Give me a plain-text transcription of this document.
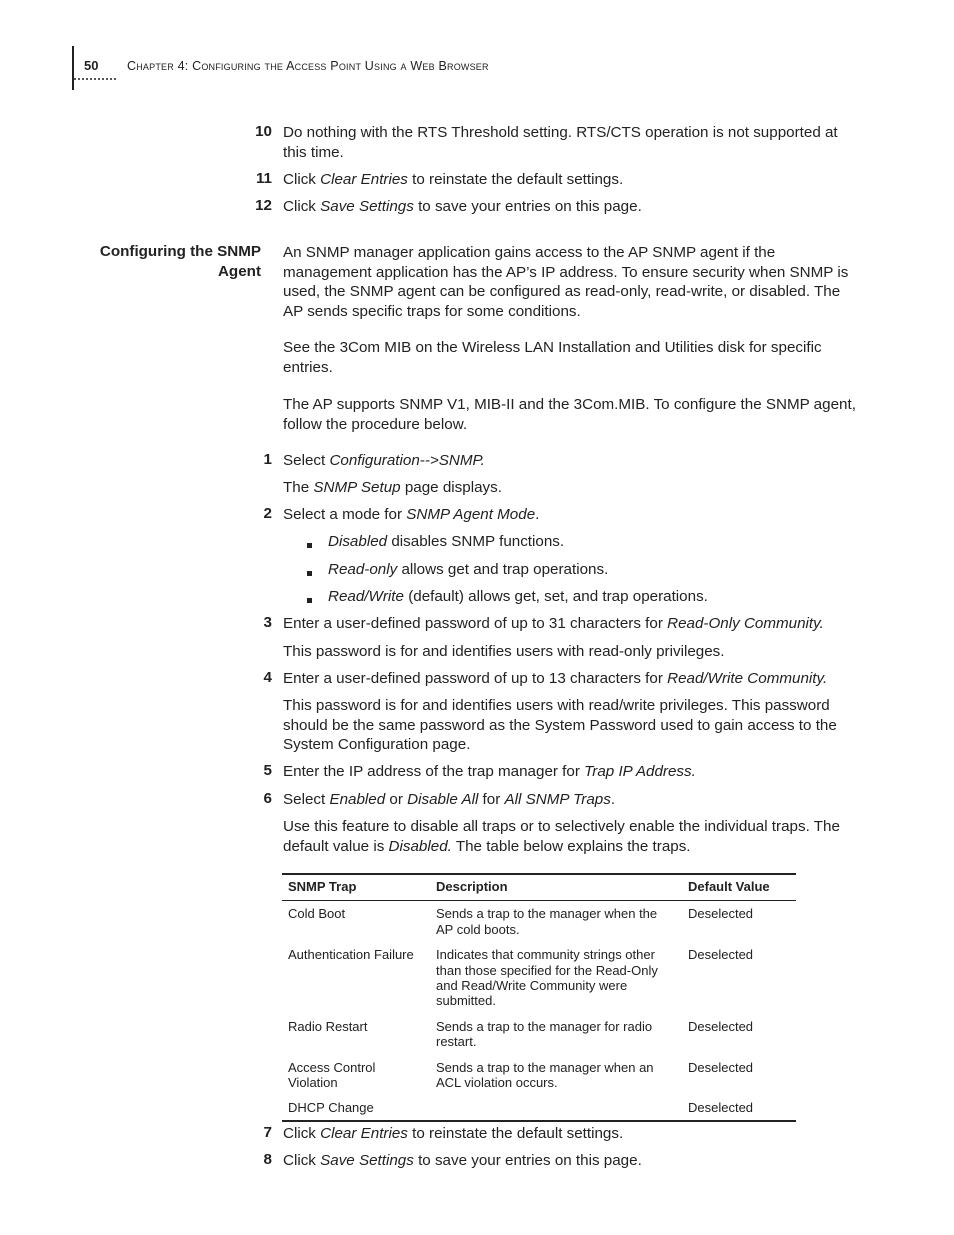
50 Chapter 4: Configuring the Access Point Using a Web Browser
10 Do nothing with the RTS Threshold setting. RTS/CTS operation is not supported at this time.
11 Click Clear Entries to reinstate the default settings.
12 Click Save Settings to save your entries on this page.
Configuring the SNMP Agent
An SNMP manager application gains access to the AP SNMP agent if the management application has the AP’s IP address. To ensure security when SNMP is used, the SNMP agent can be configured as read-only, read-write, or disabled. The AP sends specific traps for some conditions.
See the 3Com MIB on the Wireless LAN Installation and Utilities disk for specific entries.
The AP supports SNMP V1, MIB-II and the 3Com.MIB. To configure the SNMP agent, follow the procedure below.
1 Select Configuration-->SNMP.
The SNMP Setup page displays.
2 Select a mode for SNMP Agent Mode.
Disabled disables SNMP functions.
Read-only allows get and trap operations.
Read/Write (default) allows get, set, and trap operations.
3 Enter a user-defined password of up to 31 characters for Read-Only Community.
This password is for and identifies users with read-only privileges.
4 Enter a user-defined password of up to 13 characters for Read/Write Community.
This password is for and identifies users with read/write privileges. This password should be the same password as the System Password used to gain access to the System Configuration page.
5 Enter the IP address of the trap manager for Trap IP Address.
6 Select Enabled or Disable All for All SNMP Traps.
Use this feature to disable all traps or to selectively enable the individual traps. The default value is Disabled. The table below explains the traps.
SNMP Trap	Description	Default Value
Cold Boot	Sends a trap to the manager when the AP cold boots.	Deselected
Authentication Failure	Indicates that community strings other than those specified for the Read-Only and Read/Write Community were submitted.	Deselected
Radio Restart	Sends a trap to the manager for radio restart.	Deselected
Access Control Violation	Sends a trap to the manager when an ACL violation occurs.	Deselected
DHCP Change		Deselected
7 Click Clear Entries to reinstate the default settings.
8 Click Save Settings to save your entries on this page.
